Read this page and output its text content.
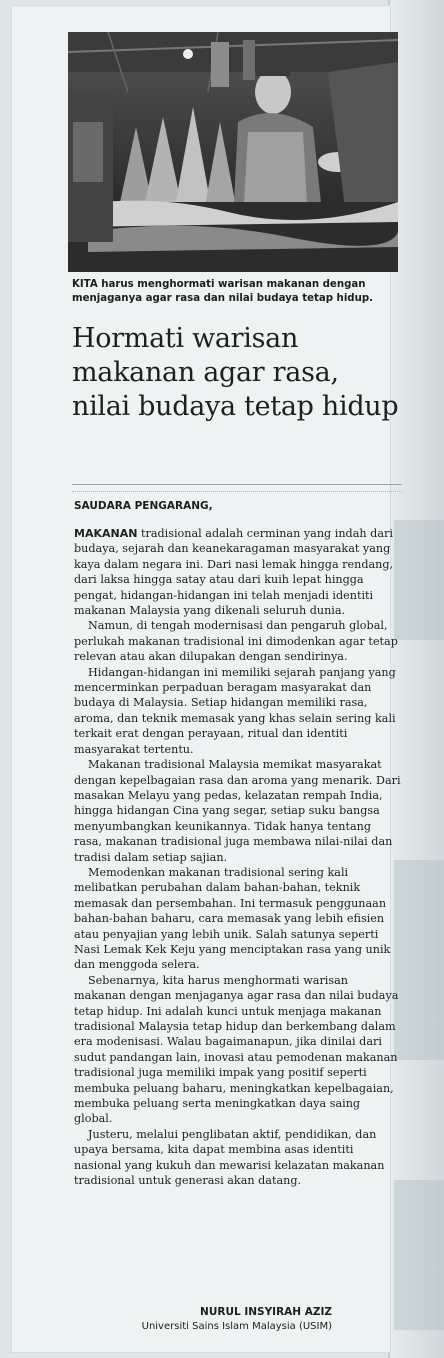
KITA harus menghormati warisan makanan dengan menjaganya agar rasa dan nilai budaya tetap hidup.
Hormati warisan makanan agar rasa, nilai budaya tetap hidup
SAUDARA PENGARANG,

MAKANAN tradisional adalah cerminan yang indah dari budaya, sejarah dan keanekaragaman masyarakat yang kaya dalam negara ini. Dari nasi lemak hingga rendang, dari laksa hingga satay atau dari kuih lepat hingga pengat, hidangan-hidangan ini telah menjadi identiti makanan Malaysia yang dikenali seluruh dunia.

Namun, di tengah modernisasi dan pengaruh global, perlukah makanan tradisional ini dimodenkan agar tetap relevan atau akan dilupakan dengan sendirinya.

Hidangan-hidangan ini memiliki sejarah panjang yang mencerminkan perpaduan beragam masyarakat dan budaya di Malaysia. Setiap hidangan memiliki rasa, aroma, dan teknik memasak yang khas selain sering kali terkait erat dengan perayaan, ritual dan identiti masyarakat tertentu.

Makanan tradisional Malaysia memikat masyarakat dengan kepelbagaian rasa dan aroma yang menarik. Dari masakan Melayu yang pedas, kelazatan rempah India, hingga hidangan Cina yang segar, setiap suku bangsa menyumbangkan keunikannya. Tidak hanya tentang rasa, makanan tradisional juga membawa nilai-nilai dan tradisi dalam setiap sajian.

Memodenkan makanan tradisional sering kali melibatkan perubahan dalam bahan-bahan, teknik memasak dan persembahan. Ini termasuk penggunaan bahan-bahan baharu, cara memasak yang lebih efisien atau penyajian yang lebih unik. Salah satunya seperti Nasi Lemak Kek Keju yang menciptakan rasa yang unik dan menggoda selera.

Sebenarnya, kita harus menghormati warisan makanan dengan menjaganya agar rasa dan nilai budaya tetap hidup. Ini adalah kunci untuk menjaga makanan tradisional Malaysia tetap hidup dan berkembang dalam era modenisasi. Walau bagaimanapun, jika dinilai dari sudut pandangan lain, inovasi atau pemodenan makanan tradisional juga memiliki impak yang positif seperti membuka peluang baharu, meningkatkan kepelbagaian, membuka peluang serta meningkatkan daya saing global.

Justeru, melalui penglibatan aktif, pendidikan, dan upaya bersama, kita dapat membina asas identiti nasional yang kukuh dan mewarisi kelazatan makanan tradisional untuk generasi akan datang.

NURUL INSYIRAH AZIZ
Universiti Sains Islam Malaysia (USIM)
